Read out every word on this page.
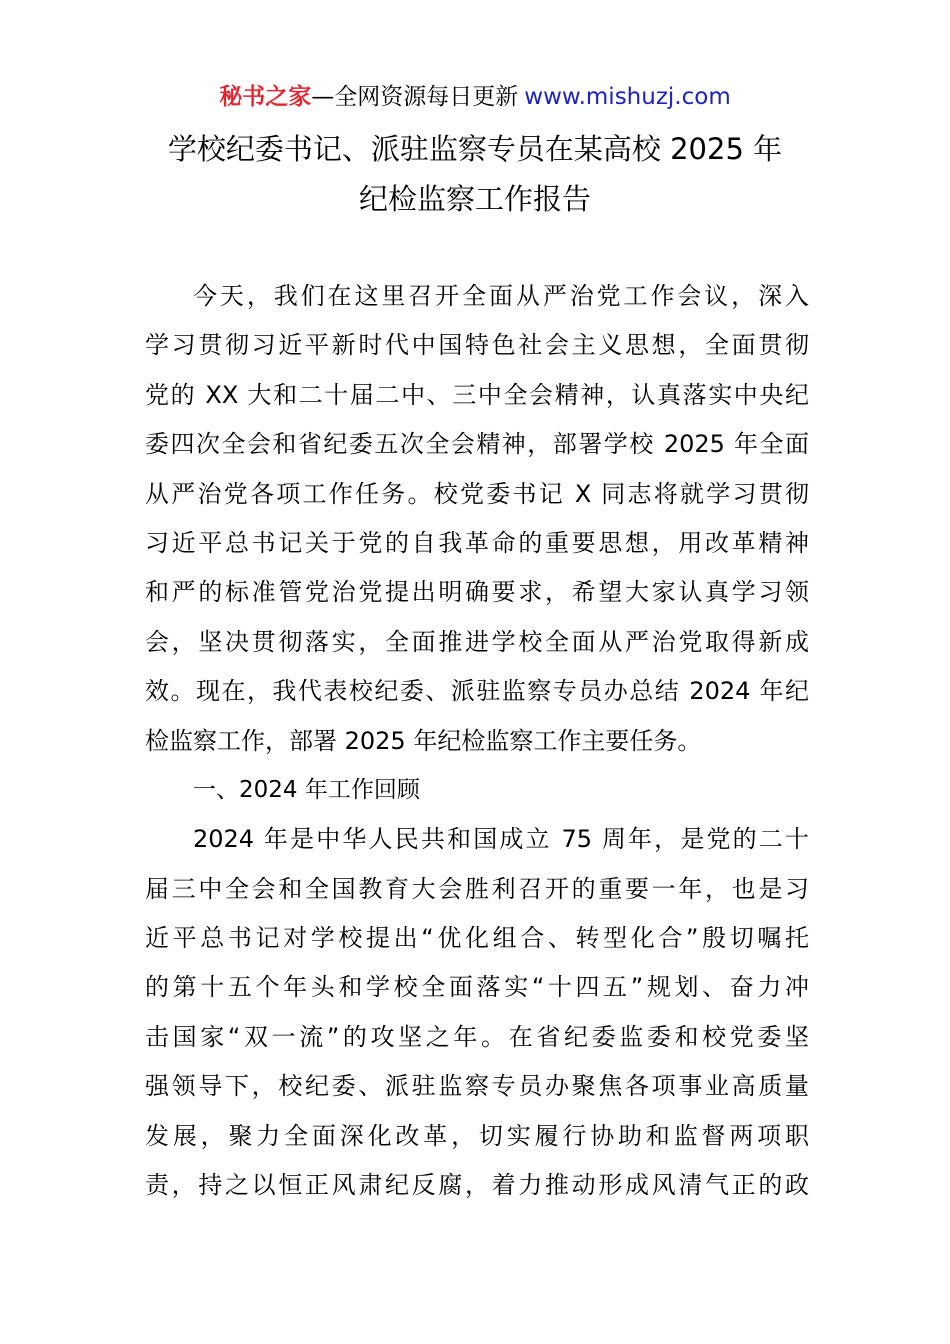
秘书之家—全网资源每日更新 www.mishuzj.com
学校纪委书记、派驻监察专员在某高校 2025 年
纪检监察工作报告
今天，我们在这里召开全面从严治党工作会议，深入
学习贯彻习近平新时代中国特色社会主义思想，全面贯彻
党的 XX 大和二十届二中、三中全会精神，认真落实中央纪
委四次全会和省纪委五次全会精神，部署学校 2025 年全面
从严治党各项工作任务。校党委书记 X 同志将就学习贯彻
习近平总书记关于党的自我革命的重要思想，用改革精神
和严的标准管党治党提出明确要求，希望大家认真学习领
会，坚决贯彻落实，全面推进学校全面从严治党取得新成
效。现在，我代表校纪委、派驻监察专员办总结 2024 年纪
检监察工作，部署 2025 年纪检监察工作主要任务。
一、2024 年工作回顾
2024 年是中华人民共和国成立 75 周年，是党的二十
届三中全会和全国教育大会胜利召开的重要一年，也是习
近平总书记对学校提出“优化组合、转型化合”殷切嘱托
的第十五个年头和学校全面落实“十四五”规划、奋力冲
击国家“双一流”的攻坚之年。在省纪委监委和校党委坚
强领导下，校纪委、派驻监察专员办聚焦各项事业高质量
发展，聚力全面深化改革，切实履行协助和监督两项职
责，持之以恒正风肃纪反腐，着力推动形成风清气正的政
